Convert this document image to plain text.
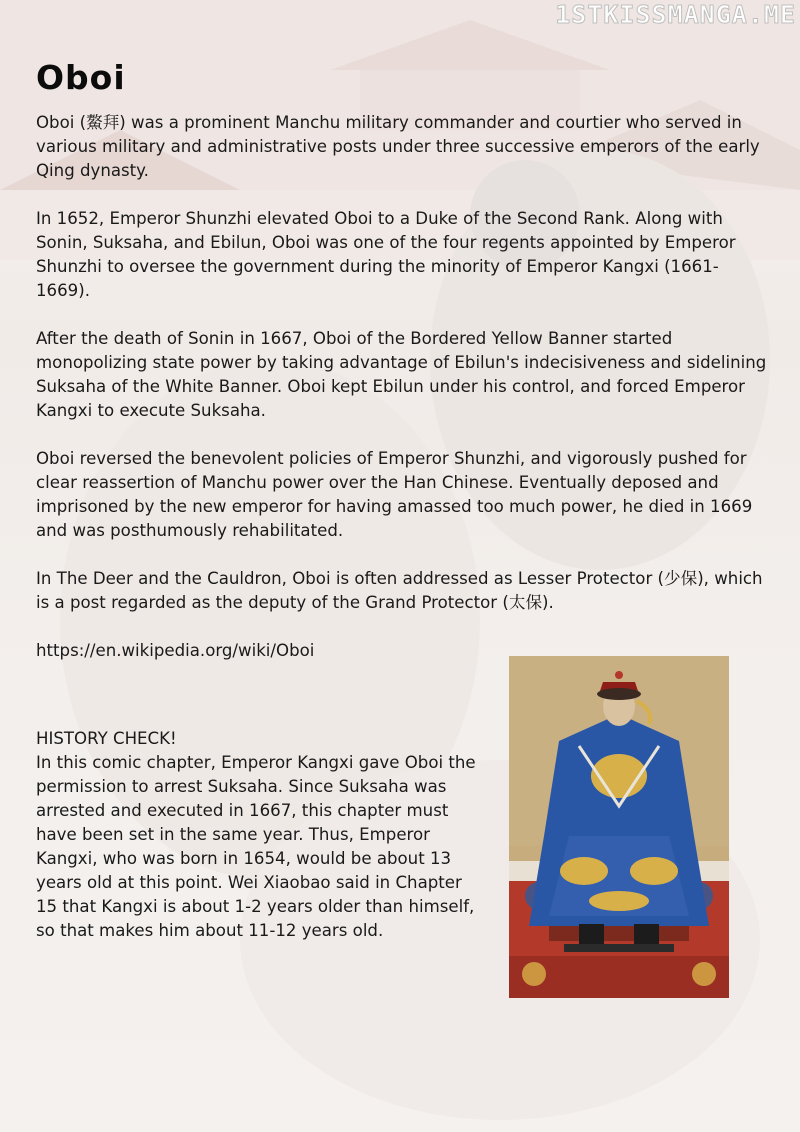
1STKISSMANGA.ME
Oboi

Oboi (鰲拜) was a prominent Manchu military commander and courtier who served in various military and administrative posts under three successive emperors of the early Qing dynasty.

In 1652, Emperor Shunzhi elevated Oboi to a Duke of the Second Rank. Along with Sonin, Suksaha, and Ebilun, Oboi was one of the four regents appointed by Emperor Shunzhi to oversee the government during the minority of Emperor Kangxi (1661-1669).

After the death of Sonin in 1667, Oboi of the Bordered Yellow Banner started monopolizing state power by taking advantage of Ebilun's indecisiveness and sidelining Suksaha of the White Banner. Oboi kept Ebilun under his control, and forced Emperor Kangxi to execute Suksaha.

Oboi reversed the benevolent policies of Emperor Shunzhi, and vigorously pushed for clear reassertion of Manchu power over the Han Chinese. Eventually deposed and imprisoned by the new emperor for having amassed too much power, he died in 1669 and was posthumously rehabilitated.

In The Deer and the Cauldron, Oboi is often addressed as Lesser Protector (少保), which is a post regarded as the deputy of the Grand Protector (太保).

https://en.wikipedia.org/wiki/Oboi
HISTORY CHECK!

In this comic chapter, Emperor Kangxi gave Oboi the permission to arrest Suksaha. Since Suksaha was arrested and executed in 1667, this chapter must have been set in the same year. Thus, Emperor Kangxi, who was born in 1654, would be about 13 years old at this point. Wei Xiaobao said in Chapter 15 that Kangxi is about 1-2 years older than himself, so that makes him about 11-12 years old.
